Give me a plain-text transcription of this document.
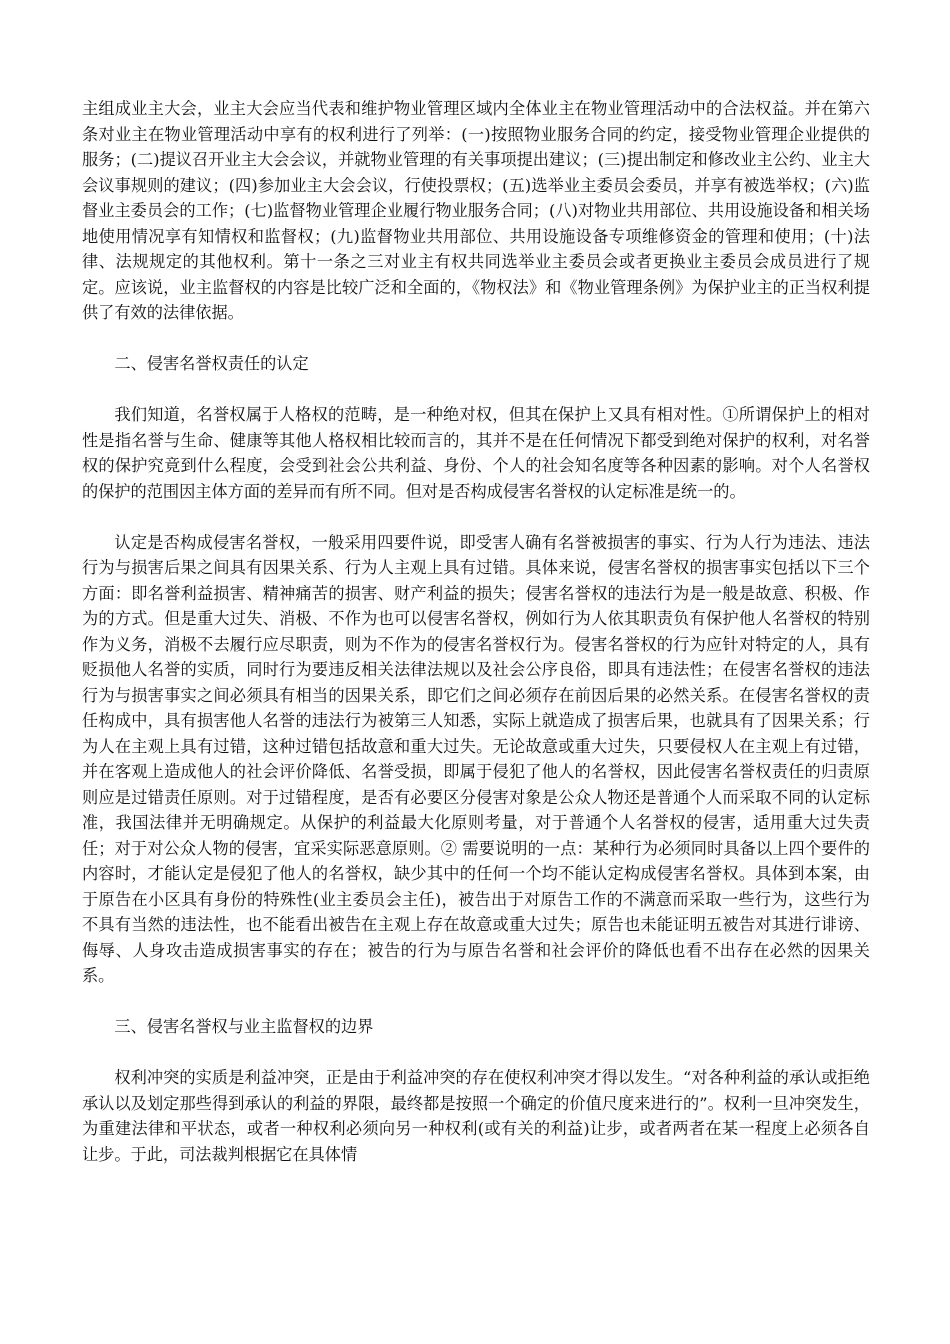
主组成业主大会，业主大会应当代表和维护物业管理区域内全体业主在物业管理活动中的合法权益。并在第六条对业主在物业管理活动中享有的权利进行了列举：(一)按照物业服务合同的约定，接受物业管理企业提供的服务；(二)提议召开业主大会会议，并就物业管理的有关事项提出建议；(三)提出制定和修改业主公约、业主大会议事规则的建议；(四)参加业主大会会议，行使投票权；(五)选举业主委员会委员，并享有被选举权；(六)监督业主委员会的工作；(七)监督物业管理企业履行物业服务合同；(八)对物业共用部位、共用设施设备和相关场地使用情况享有知情权和监督权；(九)监督物业共用部位、共用设施设备专项维修资金的管理和使用；(十)法律、法规规定的其他权利。第十一条之三对业主有权共同选举业主委员会或者更换业主委员会成员进行了规定。应该说，业主监督权的内容是比较广泛和全面的，《物权法》和《物业管理条例》为保护业主的正当权利提供了有效的法律依据。

二、侵害名誉权责任的认定

我们知道，名誉权属于人格权的范畴，是一种绝对权，但其在保护上又具有相对性。①所谓保护上的相对性是指名誉与生命、健康等其他人格权相比较而言的，其并不是在任何情况下都受到绝对保护的权利，对名誉权的保护究竟到什么程度，会受到社会公共利益、身份、个人的社会知名度等各种因素的影响。对个人名誉权的保护的范围因主体方面的差异而有所不同。但对是否构成侵害名誉权的认定标准是统一的。

认定是否构成侵害名誉权，一般采用四要件说，即受害人确有名誉被损害的事实、行为人行为违法、违法行为与损害后果之间具有因果关系、行为人主观上具有过错。具体来说，侵害名誉权的损害事实包括以下三个方面：即名誉利益损害、精神痛苦的损害、财产利益的损失；侵害名誉权的违法行为是一般是故意、积极、作为的方式。但是重大过失、消极、不作为也可以侵害名誉权，例如行为人依其职责负有保护他人名誉权的特别作为义务，消极不去履行应尽职责，则为不作为的侵害名誉权行为。侵害名誉权的行为应针对特定的人，具有贬损他人名誉的实质，同时行为要违反相关法律法规以及社会公序良俗，即具有违法性；在侵害名誉权的违法行为与损害事实之间必须具有相当的因果关系，即它们之间必须存在前因后果的必然关系。在侵害名誉权的责任构成中，具有损害他人名誉的违法行为被第三人知悉，实际上就造成了损害后果，也就具有了因果关系；行为人在主观上具有过错，这种过错包括故意和重大过失。无论故意或重大过失，只要侵权人在主观上有过错，并在客观上造成他人的社会评价降低、名誉受损，即属于侵犯了他人的名誉权，因此侵害名誉权责任的归责原则应是过错责任原则。对于过错程度，是否有必要区分侵害对象是公众人物还是普通个人而采取不同的认定标准，我国法律并无明确规定。从保护的利益最大化原则考量，对于普通个人名誉权的侵害，适用重大过失责任；对于对公众人物的侵害，宜采实际恶意原则。② 需要说明的一点：某种行为必须同时具备以上四个要件的内容时，才能认定是侵犯了他人的名誉权，缺少其中的任何一个均不能认定构成侵害名誉权。具体到本案，由于原告在小区具有身份的特殊性(业主委员会主任)，被告出于对原告工作的不满意而采取一些行为，这些行为不具有当然的违法性，也不能看出被告在主观上存在故意或重大过失；原告也未能证明五被告对其进行诽谤、侮辱、人身攻击造成损害事实的存在；被告的行为与原告名誉和社会评价的降低也看不出存在必然的因果关系。

三、侵害名誉权与业主监督权的边界

权利冲突的实质是利益冲突，正是由于利益冲突的存在使权利冲突才得以发生。“对各种利益的承认或拒绝承认以及划定那些得到承认的利益的界限，最终都是按照一个确定的价值尺度来进行的”。权利一旦冲突发生，为重建法律和平状态，或者一种权利必须向另一种权利(或有关的利益)让步，或者两者在某一程度上必须各自让步。于此，司法裁判根据它在具体情
